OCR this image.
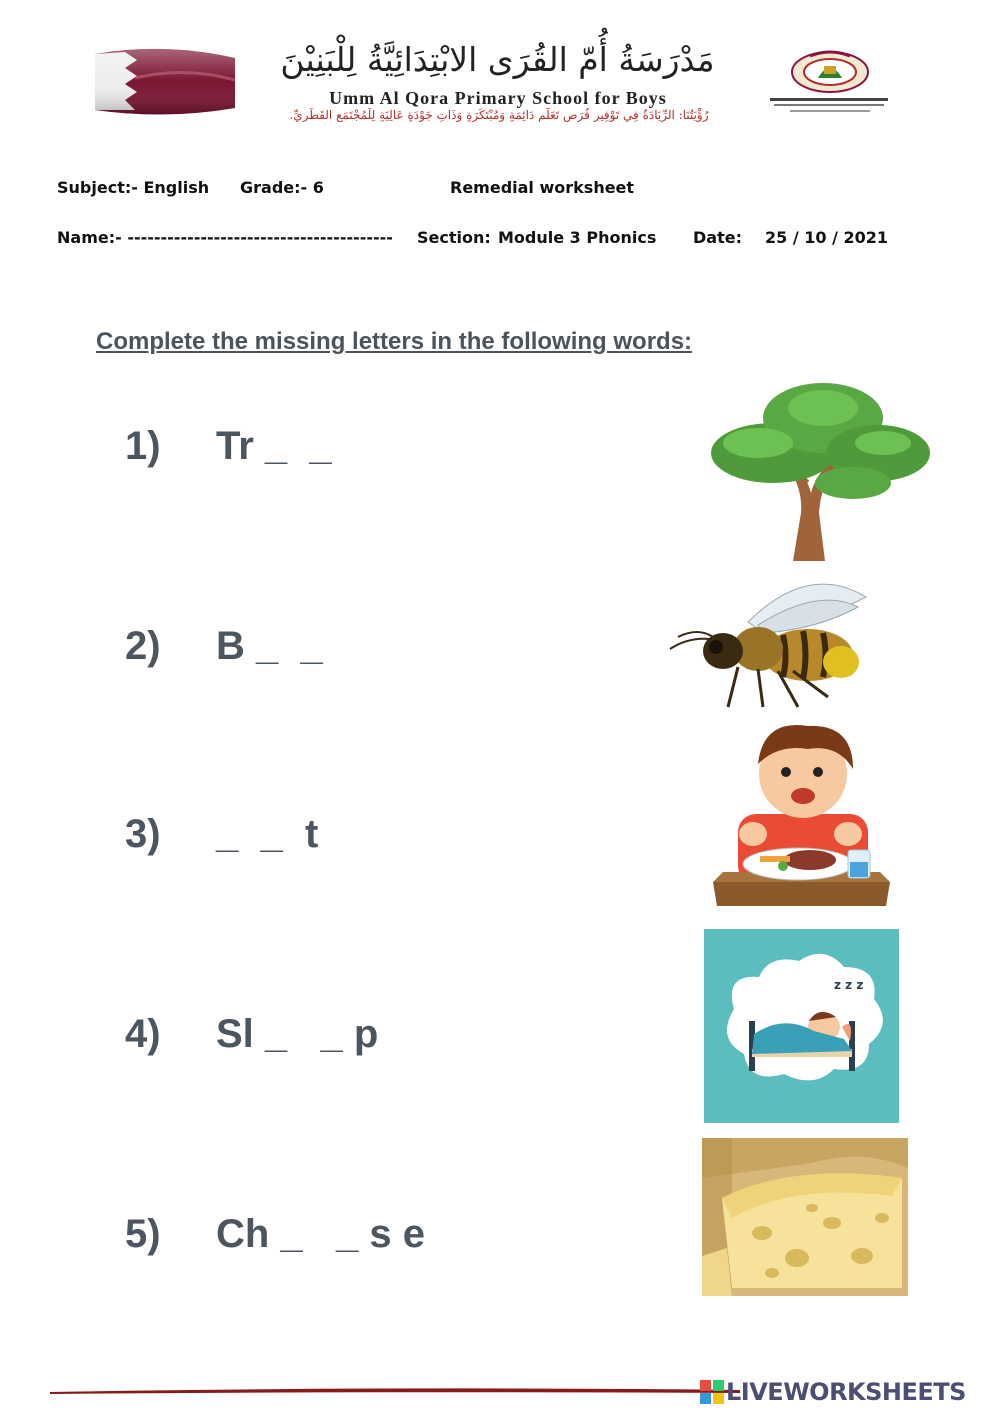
مَدْرَسَةُ أُمّ القُرَى الابْتِدَائِيَّةُ لِلْبَنِيْنَ
Umm Al Qora Primary School for Boys
رُؤْيَتُنَا: الرِّيَادَةُ فِي تَوْفِيرِ فُرَصٍ تَعَلُّمٍ دَائِمَةٍ وَمُبْتَكَرَةٍ وَذَاتِ جَوْدَةٍ عَالِيَةٍ لِلْمُجْتَمَعِ القَطَرِيِّ.
Subject:- English Grade:- 6	Remedial worksheet
Name:- ---------------------------------------- Section: Module 3 Phonics Date: 25 / 10 / 2021
Complete the missing letters in the following words:
1) Tr _  _
2) B _  _
3) _  _  t
4) Sl _   _ p
5) Ch _   _ s e
z z z
LIVEWORKSHEETS
